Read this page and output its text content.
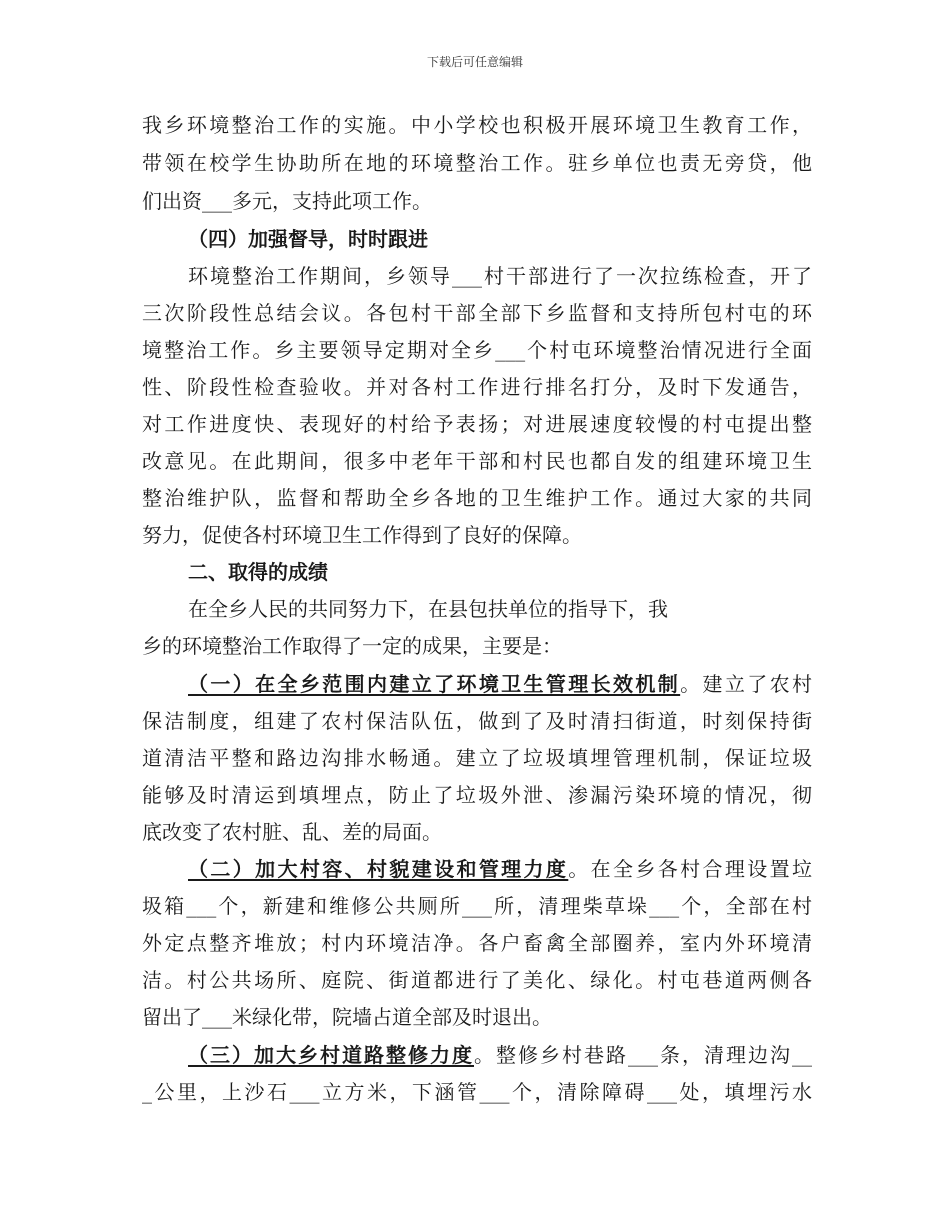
下载后可任意编辑
我乡环境整治工作的实施。中小学校也积极开展环境卫生教育工作，
带领在校学生协助所在地的环境整治工作。驻乡单位也责无旁贷，他
们出资___多元，支持此项工作。
（四）加强督导，时时跟进
环境整治工作期间，乡领导___村干部进行了一次拉练检查，开了
三次阶段性总结会议。各包村干部全部下乡监督和支持所包村屯的环
境整治工作。乡主要领导定期对全乡___个村屯环境整治情况进行全面
性、阶段性检查验收。并对各村工作进行排名打分，及时下发通告，
对工作进度快、表现好的村给予表扬；对进展速度较慢的村屯提出整
改意见。在此期间，很多中老年干部和村民也都自发的组建环境卫生
整治维护队，监督和帮助全乡各地的卫生维护工作。通过大家的共同
努力，促使各村环境卫生工作得到了良好的保障。
二、取得的成绩
在全乡人民的共同努力下，在县包扶单位的指导下，我
乡的环境整治工作取得了一定的成果，主要是：
（一）在全乡范围内建立了环境卫生管理长效机制。建立了农村
保洁制度，组建了农村保洁队伍，做到了及时清扫街道，时刻保持街
道清洁平整和路边沟排水畅通。建立了垃圾填埋管理机制，保证垃圾
能够及时清运到填埋点，防止了垃圾外泄、渗漏污染环境的情况，彻
底改变了农村脏、乱、差的局面。
（二）加大村容、村貌建设和管理力度。在全乡各村合理设置垃
圾箱___个，新建和维修公共厕所___所，清理柴草垛___个，全部在村
外定点整齐堆放；村内环境洁净。各户畜禽全部圈养，室内外环境清
洁。村公共场所、庭院、街道都进行了美化、绿化。村屯巷道两侧各
留出了___米绿化带，院墙占道全部及时退出。
（三）加大乡村道路整修力度。整修乡村巷路___条，清理边沟__
_公里，上沙石___立方米，下涵管___个，清除障碍___处，填埋污水
